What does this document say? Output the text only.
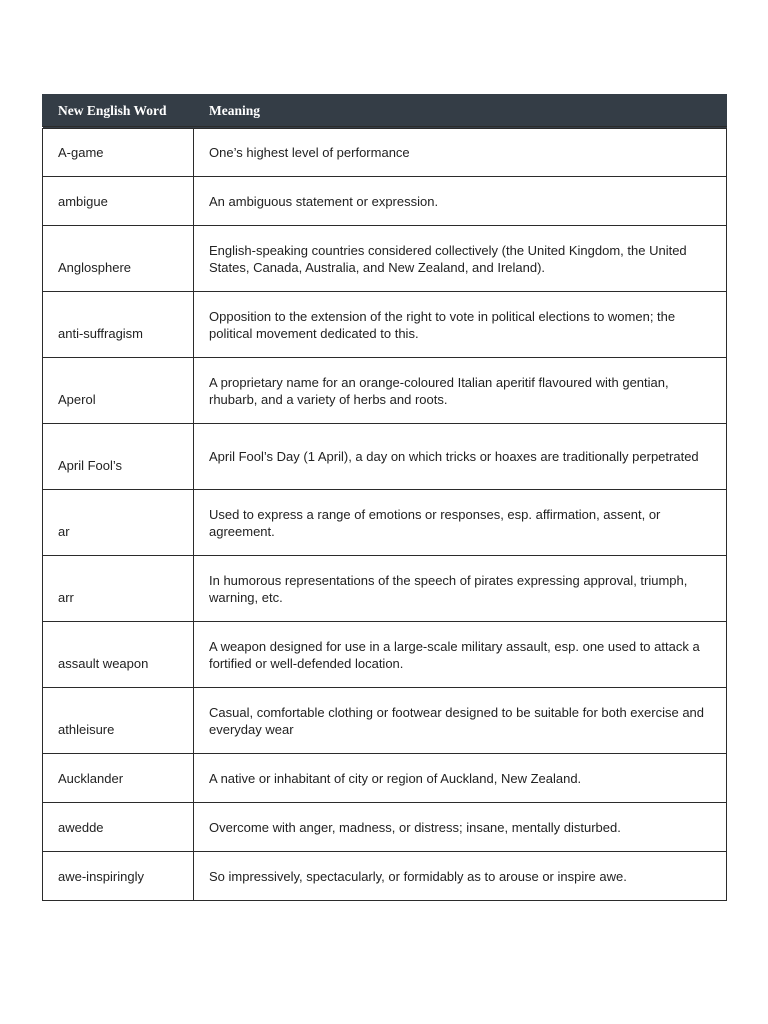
New English Word	Meaning
A-game	One’s highest level of performance
ambigue	An ambiguous statement or expression.
Anglosphere	English-speaking countries considered collectively (the United Kingdom, the United States, Canada, Australia, and New Zealand, and Ireland).
anti-suffragism	Opposition to the extension of the right to vote in political elections to women; the political movement dedicated to this.
Aperol	A proprietary name for an orange-coloured Italian aperitif flavoured with gentian, rhubarb, and a variety of herbs and roots.
April Fool’s	April Fool’s Day (1 April), a day on which tricks or hoaxes are traditionally perpetrated
ar	Used to express a range of emotions or responses, esp. affirmation, assent, or agreement.
arr	In humorous representations of the speech of pirates expressing approval, triumph, warning, etc.
assault weapon	A weapon designed for use in a large-scale military assault, esp. one used to attack a fortified or well-defended location.
athleisure	Casual, comfortable clothing or footwear designed to be suitable for both exercise and everyday wear
Aucklander	A native or inhabitant of city or region of Auckland, New Zealand.
awedde	Overcome with anger, madness, or distress; insane, mentally disturbed.
awe-inspiringly	So impressively, spectacularly, or formidably as to arouse or inspire awe.
